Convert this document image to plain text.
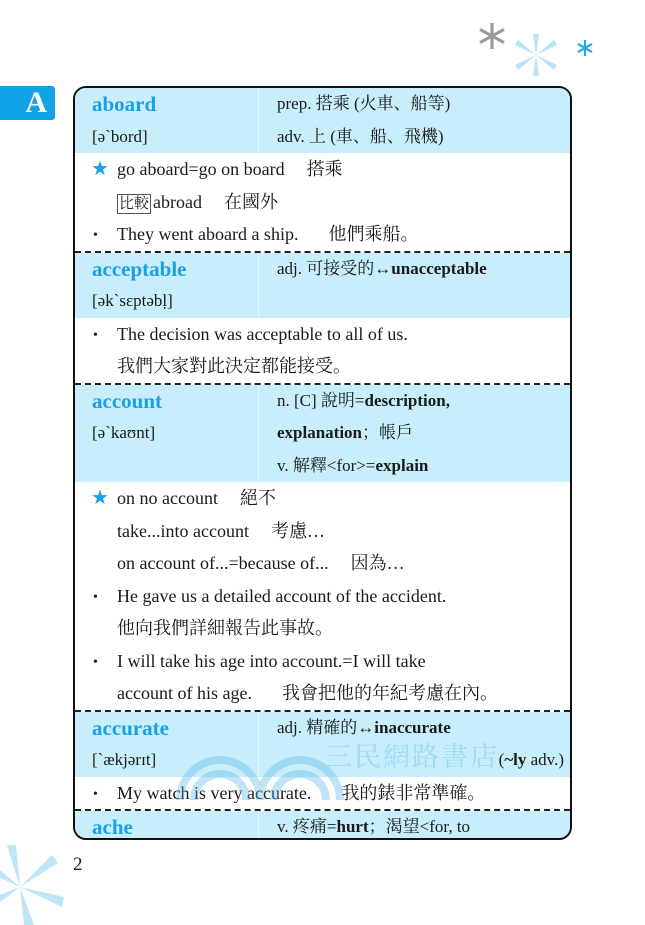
A aboard	prep. 搭乘 (火車、船等)
[ə`bord]	adv. 上 (車、船、飛機)
★ go aboard=go on board 搭乘
比較 abroad 在國外
• They went aboard a ship. 他們乘船。
acceptable	adj. 可接受的↔unacceptable
[ək`sɛptəbḷ]
• The decision was acceptable to all of us.
我們大家對此決定都能接受。
account	n. [C] 說明=description,
[ə`kaʊnt]	explanation；帳戶
v. 解釋<for>=explain
★ on no account 絕不
take...into account 考慮…
on account of...=because of... 因為…
• He gave us a detailed account of the accident.
他向我們詳細報告此事故。
• I will take his age into account.=I will take
account of his age. 我會把他的年紀考慮在內。
accurate	adj. 精確的↔inaccurate
[`ækjərɪt]	(~ly adv.)
• My watch is very accurate. 我的錶非常準確。
ache	v. 疼痛=hurt；渴望<for, to
三民網路書店
2
